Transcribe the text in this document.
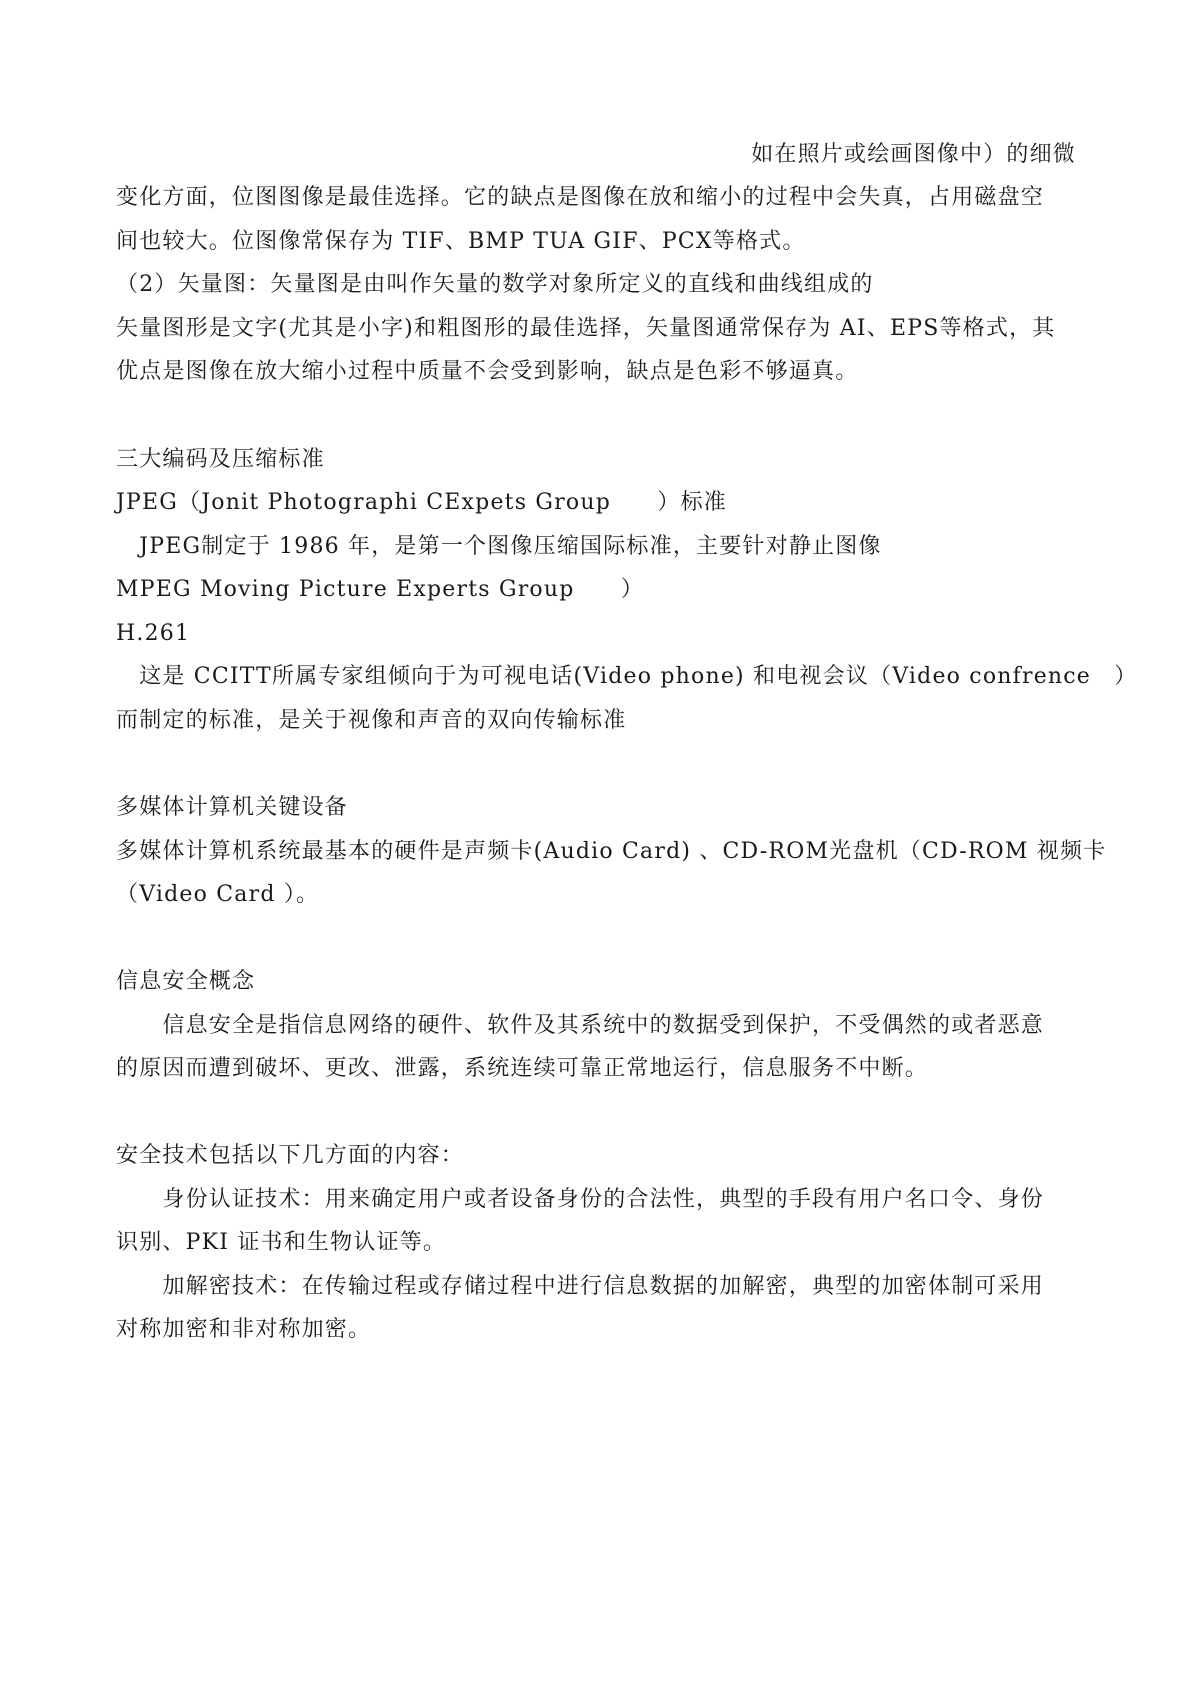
如在照片或绘画图像中）的细微
变化方面，位图图像是最佳选择。它的缺点是图像在放和缩小的过程中会失真，占用磁盘空
间也较大。位图像常保存为 TIF、BMP TUA GIF、PCX等格式。
（2）矢量图：矢量图是由叫作矢量的数学对象所定义的直线和曲线组成的
矢量图形是文字(尤其是小字)和粗图形的最佳选择，矢量图通常保存为 AI、EPS等格式，其
优点是图像在放大缩小过程中质量不会受到影响，缺点是色彩不够逼真。
三大编码及压缩标准
JPEG（Jonit Photographi CExpets Group　　）标准
　JPEG制定于 1986 年，是第一个图像压缩国际标准，主要针对静止图像
MPEG Moving Picture Experts Group　　）
H.261
　这是 CCITT所属专家组倾向于为可视电话(Video phone) 和电视会议（Video confrence　）
而制定的标准，是关于视像和声音的双向传输标准
多媒体计算机关键设备
多媒体计算机系统最基本的硬件是声频卡(Audio Card) 、CD-ROM光盘机（CD-ROM 视频卡
（Video Card ）。
信息安全概念
　　信息安全是指信息网络的硬件、软件及其系统中的数据受到保护，不受偶然的或者恶意
的原因而遭到破坏、更改、泄露，系统连续可靠正常地运行，信息服务不中断。
安全技术包括以下几方面的内容：
　　身份认证技术：用来确定用户或者设备身份的合法性，典型的手段有用户名口令、身份
识别、PKI 证书和生物认证等。
　　加解密技术：在传输过程或存储过程中进行信息数据的加解密，典型的加密体制可采用
对称加密和非对称加密。
